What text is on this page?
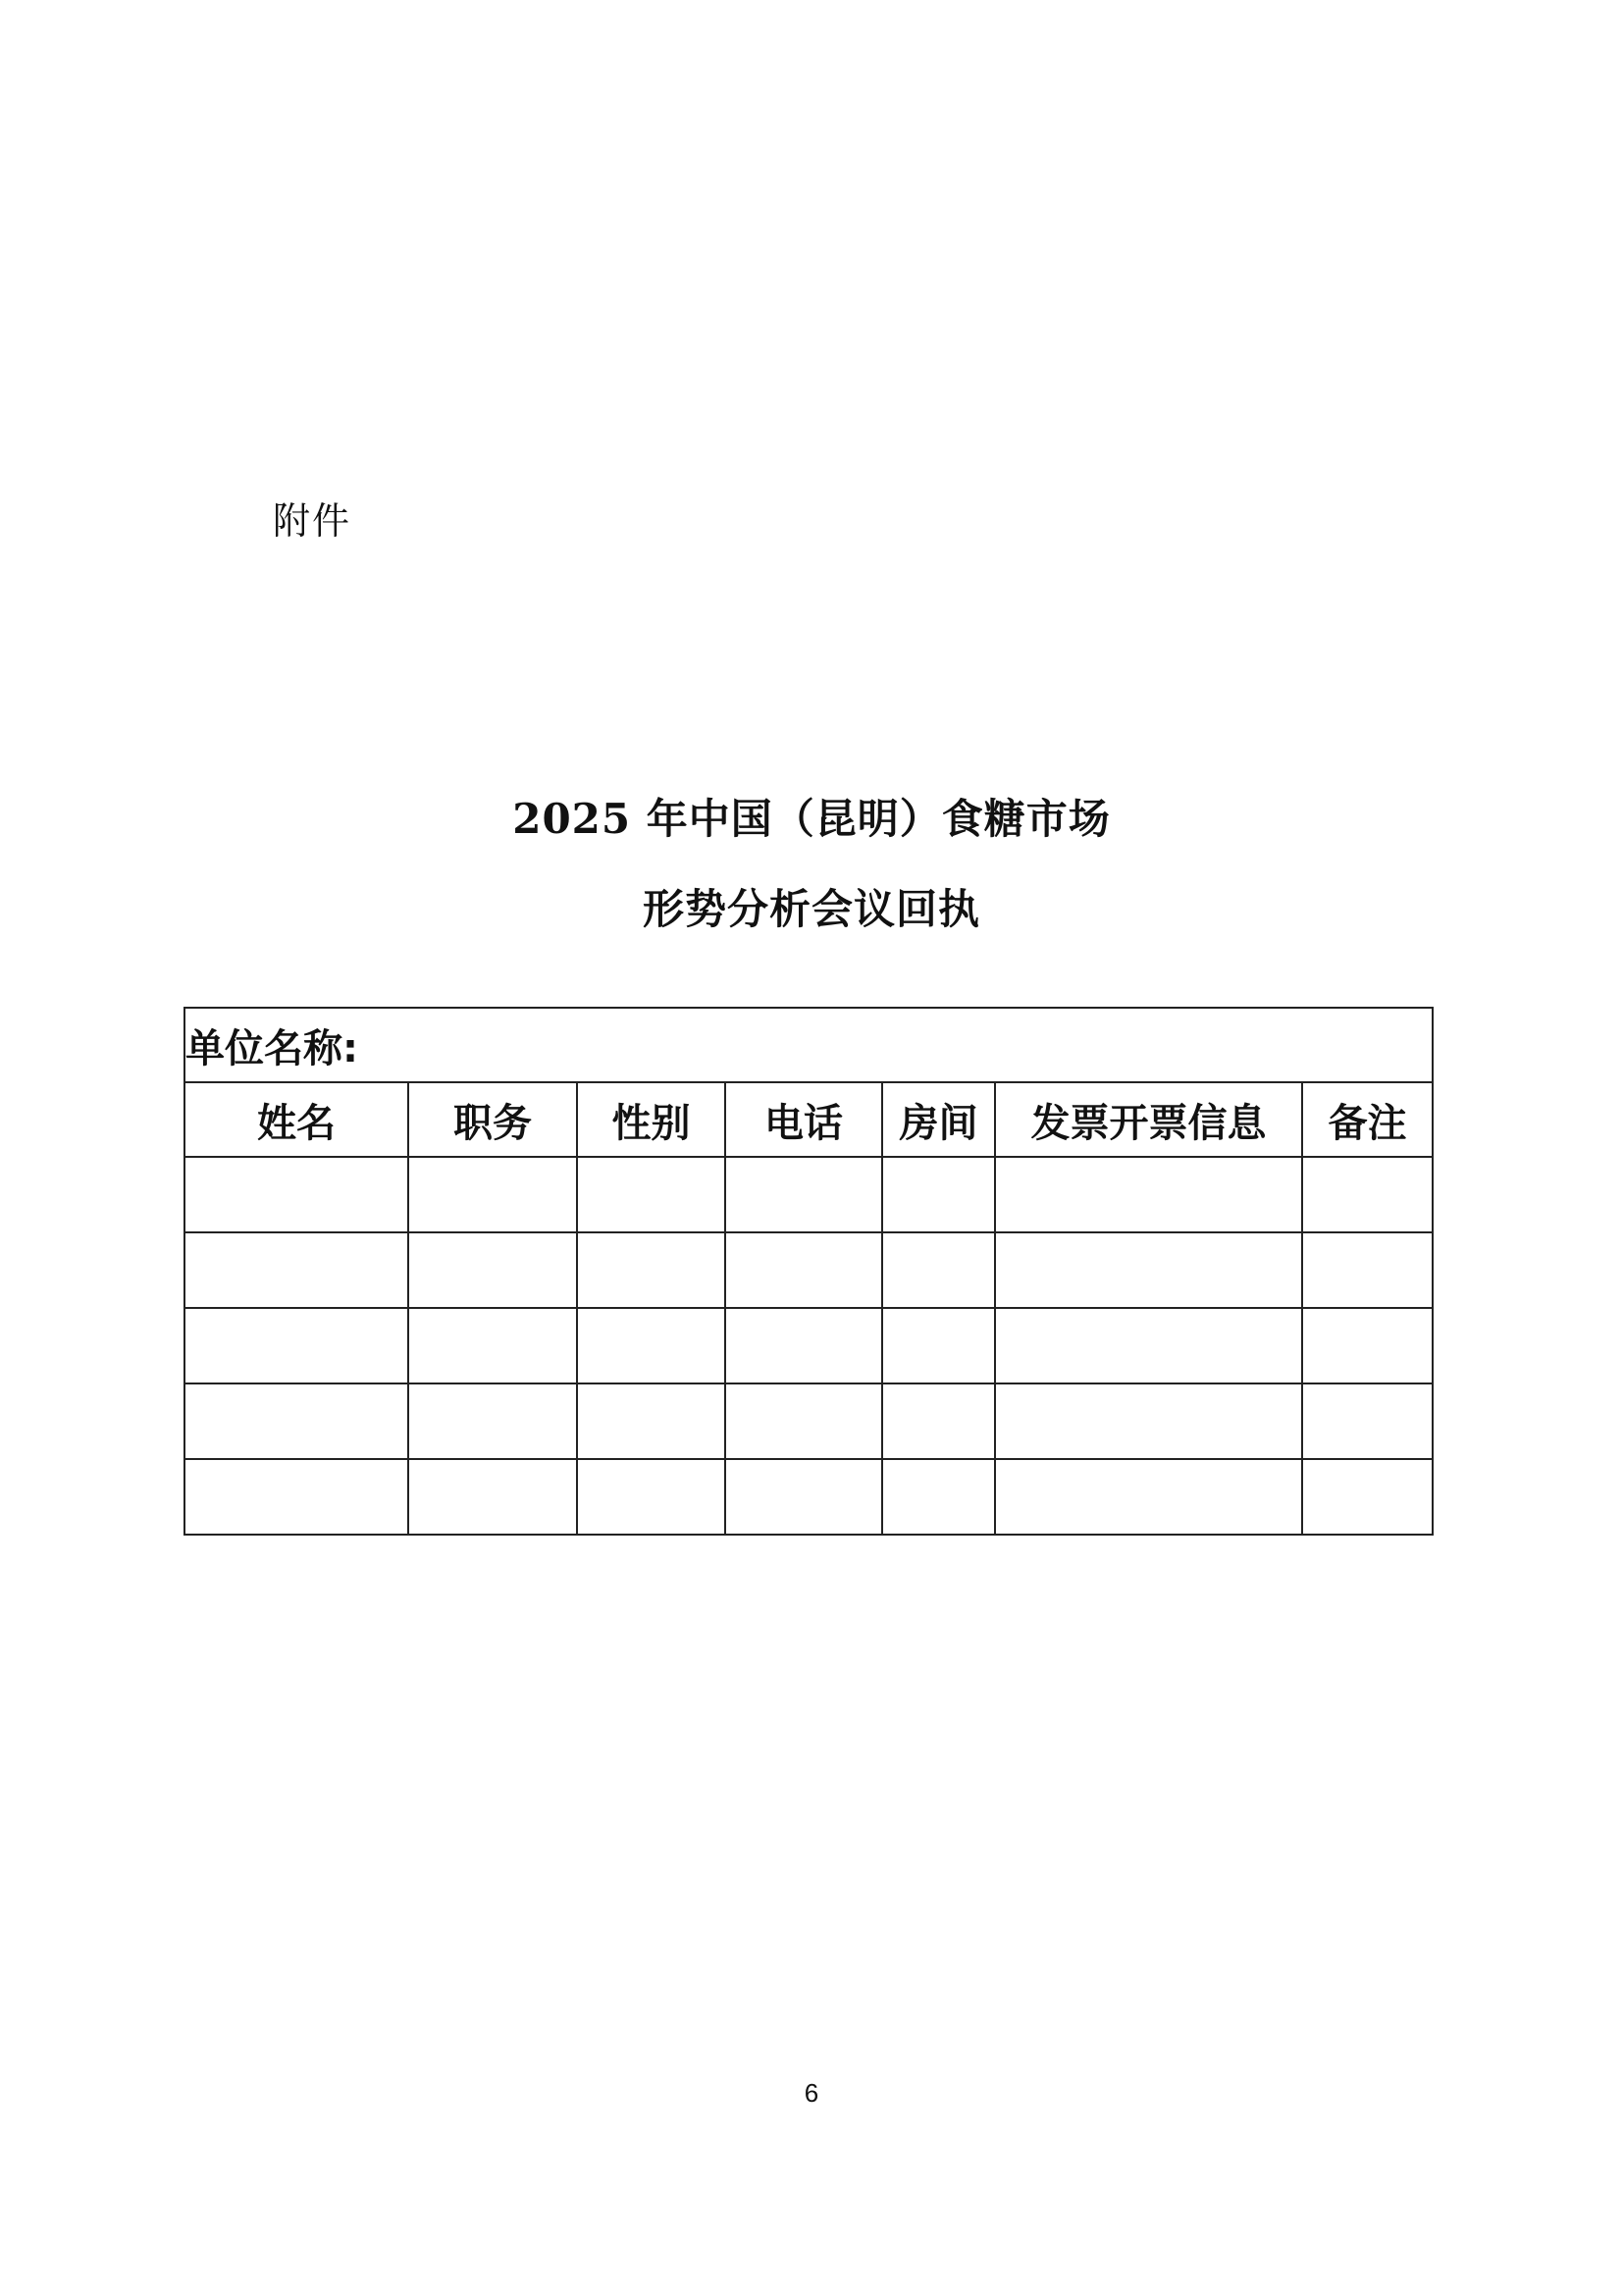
附件
2025 年中国（昆明）食糖市场
形势分析会议回执
单位名称:						
姓名	职务	性别	电话	房间	发票开票信息	备注

6
